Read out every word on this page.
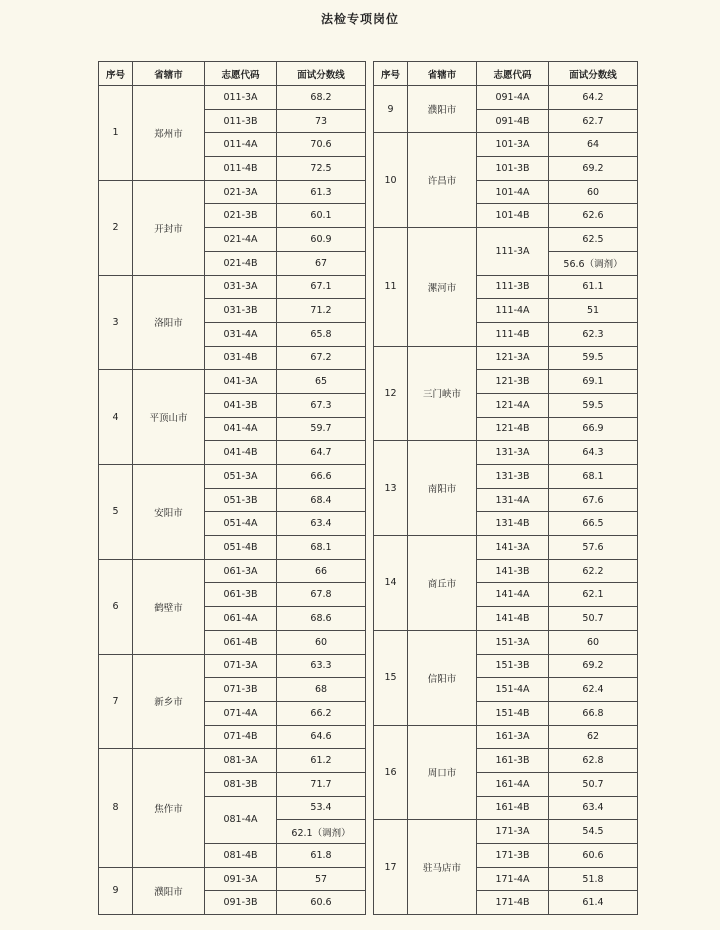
法检专项岗位
序号	省辖市	志愿代码	面试分数线
1	郑州市	011-3A	68.2
		011-3B	73
		011-4A	70.6
		011-4B	72.5
2	开封市	021-3A	61.3
		021-3B	60.1
		021-4A	60.9
		021-4B	67
3	洛阳市	031-3A	67.1
		031-3B	71.2
		031-4A	65.8
		031-4B	67.2
4	平顶山市	041-3A	65
		041-3B	67.3
		041-4A	59.7
		041-4B	64.7
5	安阳市	051-3A	66.6
		051-3B	68.4
		051-4A	63.4
		051-4B	68.1
6	鹤壁市	061-3A	66
		061-3B	67.8
		061-4A	68.6
		061-4B	60
7	新乡市	071-3A	63.3
		071-3B	68
		071-4A	66.2
		071-4B	64.6
8	焦作市	081-3A	61.2
		081-3B	71.7
		081-4A	53.4
			62.1（调剂）
		081-4B	61.8
9	濮阳市	091-3A	57
		091-3B	60.6
序号	省辖市	志愿代码	面试分数线
9	濮阳市	091-4A	64.2
		091-4B	62.7
10	许昌市	101-3A	64
		101-3B	69.2
		101-4A	60
		101-4B	62.6
11	漯河市	111-3A	62.5
			56.6（调剂）
		111-3B	61.1
		111-4A	51
		111-4B	62.3
12	三门峡市	121-3A	59.5
		121-3B	69.1
		121-4A	59.5
		121-4B	66.9
13	南阳市	131-3A	64.3
		131-3B	68.1
		131-4A	67.6
		131-4B	66.5
14	商丘市	141-3A	57.6
		141-3B	62.2
		141-4A	62.1
		141-4B	50.7
15	信阳市	151-3A	60
		151-3B	69.2
		151-4A	62.4
		151-4B	66.8
16	周口市	161-3A	62
		161-3B	62.8
		161-4A	50.7
		161-4B	63.4
17	驻马店市	171-3A	54.5
		171-3B	60.6
		171-4A	51.8
		171-4B	61.4
